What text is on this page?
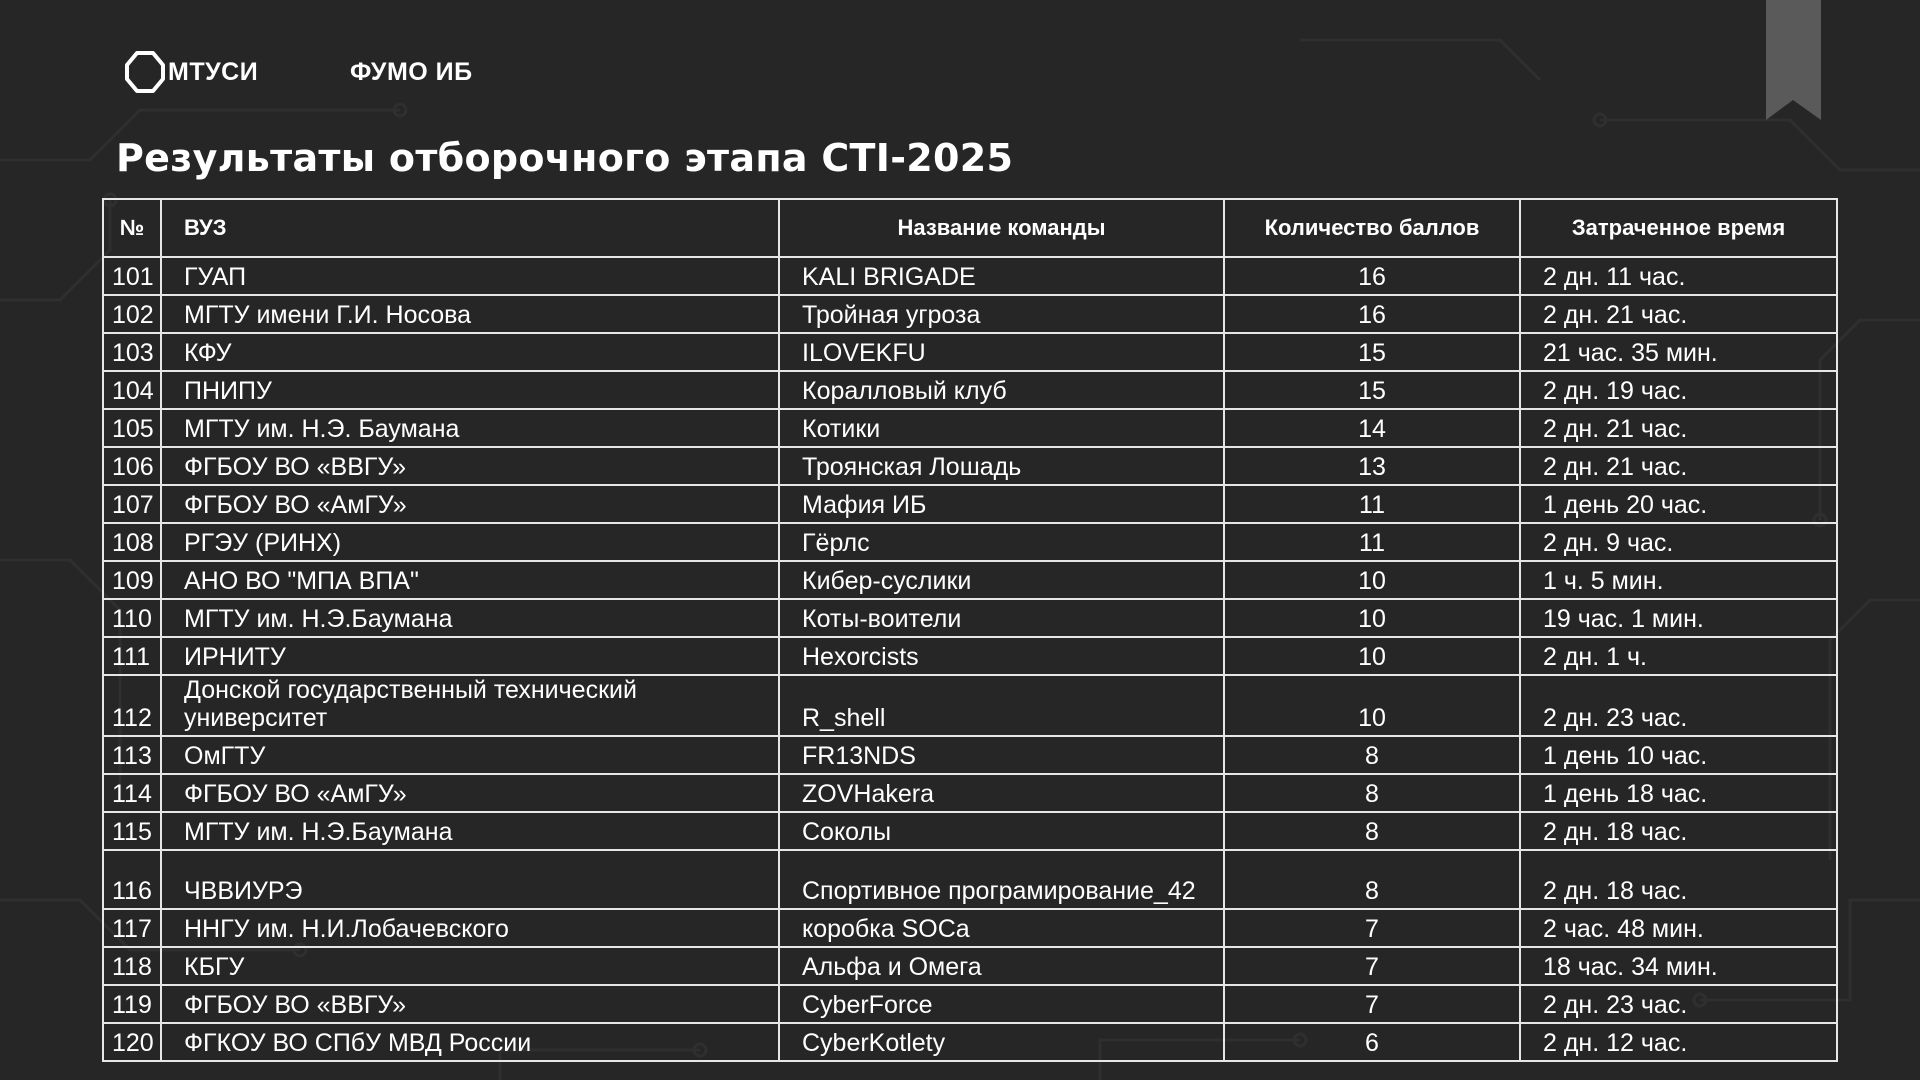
МТУСИ	ФУМО ИБ
Результаты отборочного этапа CTI-2025
№	ВУЗ	Название команды	Количество баллов	Затраченное время
101	ГУАП	KALI BRIGADE	16	2 дн. 11 час.
102	МГТУ имени Г.И. Носова	Тройная угроза	16	2 дн. 21 час.
103	КФУ	ILOVEKFU	15	21 час. 35 мин.
104	ПНИПУ	Коралловый клуб	15	2 дн. 19 час.
105	МГТУ им. Н.Э. Баумана	Котики	14	2 дн. 21 час.
106	ФГБОУ ВО «ВВГУ»	Троянская Лошадь	13	2 дн. 21 час.
107	ФГБОУ ВО «АмГУ»	Мафия ИБ	11	1 день 20 час.
108	РГЭУ (РИНХ)	Гёрлс	11	2 дн. 9 час.
109	АНО ВО "МПА ВПА"	Кибер-суслики	10	1 ч. 5 мин.
110	МГТУ им. Н.Э.Баумана	Коты-воители	10	19 час. 1 мин.
111	ИРНИТУ	Hexorcists	10	2 дн. 1 ч.
112	Донской государственный технический университет	R_shell	10	2 дн. 23 час.
113	ОмГТУ	FR13NDS	8	1 день 10 час.
114	ФГБОУ ВО «АмГУ»	ZOVHakera	8	1 день 18 час.
115	МГТУ им. Н.Э.Баумана	Соколы	8	2 дн. 18 час.
116	ЧВВИУРЭ	Спортивное програмирование_42	8	2 дн. 18 час.
117	ННГУ им. Н.И.Лобачевского	коробка SOCа	7	2 час. 48 мин.
118	КБГУ	Альфа и Омега	7	18 час. 34 мин.
119	ФГБОУ ВО «ВВГУ»	CyberForce	7	2 дн. 23 час.
120	ФГКОУ ВО СПбУ МВД России	CyberKotlety	6	2 дн. 12 час.
